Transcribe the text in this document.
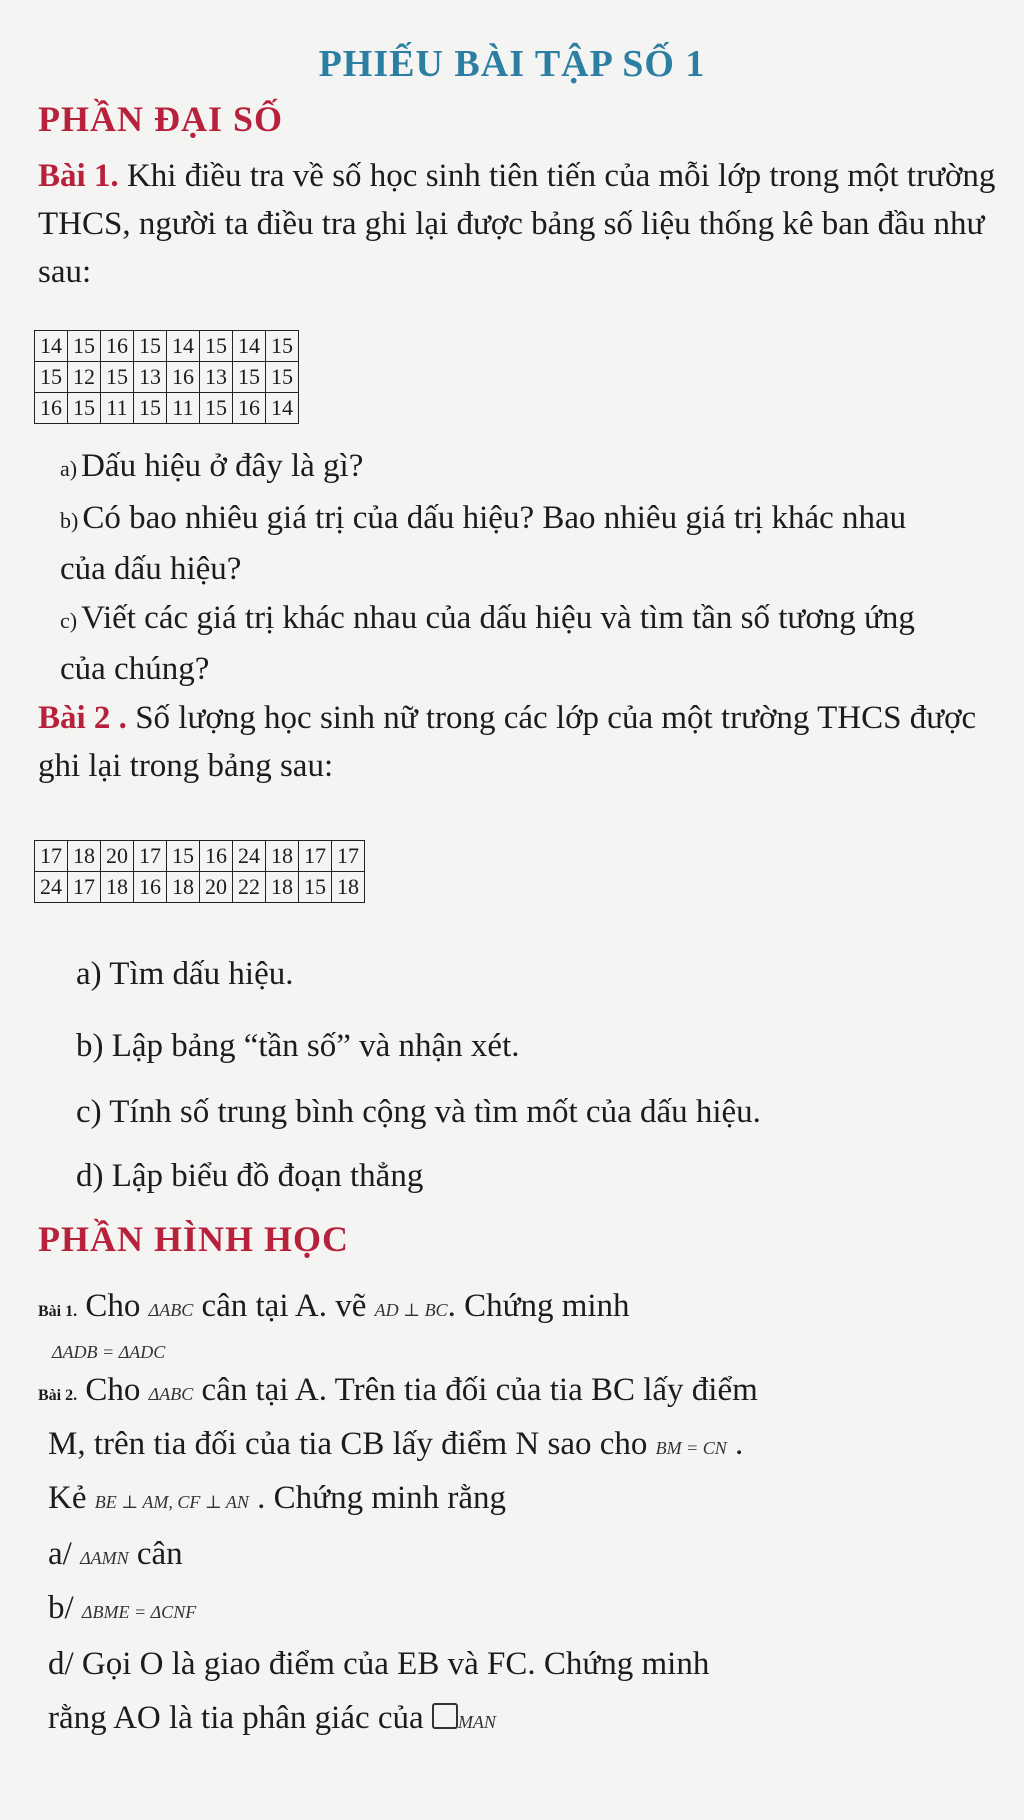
PHIẾU BÀI TẬP SỐ 1
PHẦN ĐẠI SỐ
Bài 1. Khi điều tra về số học sinh tiên tiến của mỗi lớp trong một trường THCS, người ta điều tra ghi lại được bảng số liệu thống kê ban đầu như sau:
14	15	16	15	14	15	14	15
15	12	15	13	16	13	15	15
16	15	11	15	11	15	16	14
a) Dấu hiệu ở đây là gì?
b) Có bao nhiêu giá trị của dấu hiệu? Bao nhiêu giá trị khác nhau của dấu hiệu?
c) Viết các giá trị khác nhau của dấu hiệu và tìm tần số tương ứng của chúng?
Bài 2 . Số lượng học sinh nữ trong các lớp của một trường THCS được ghi lại trong bảng sau:
17	18	20	17	15	16	24	18	17	17
24	17	18	16	18	20	22	18	15	18
a) Tìm dấu hiệu.
b) Lập bảng “tần số” và nhận xét.
c) Tính số trung bình cộng và tìm mốt của dấu hiệu.
d) Lập biểu đồ đoạn thẳng
PHẦN HÌNH HỌC
Bài 1. Cho ΔABC cân tại A. vẽ AD ⊥ BC. Chứng minh
ΔADB = ΔADC
Bài 2. Cho ΔABC cân tại A. Trên tia đối của tia BC lấy điểm
M, trên tia đối của tia CB lấy điểm N sao cho BM = CN .
Kẻ BE ⊥ AM, CF ⊥ AN . Chứng minh rằng
a/ ΔAMN cân
b/ ΔBME = ΔCNF
d/ Gọi O là giao điểm của EB và FC. Chứng minh
rằng AO là tia phân giác của MAN
